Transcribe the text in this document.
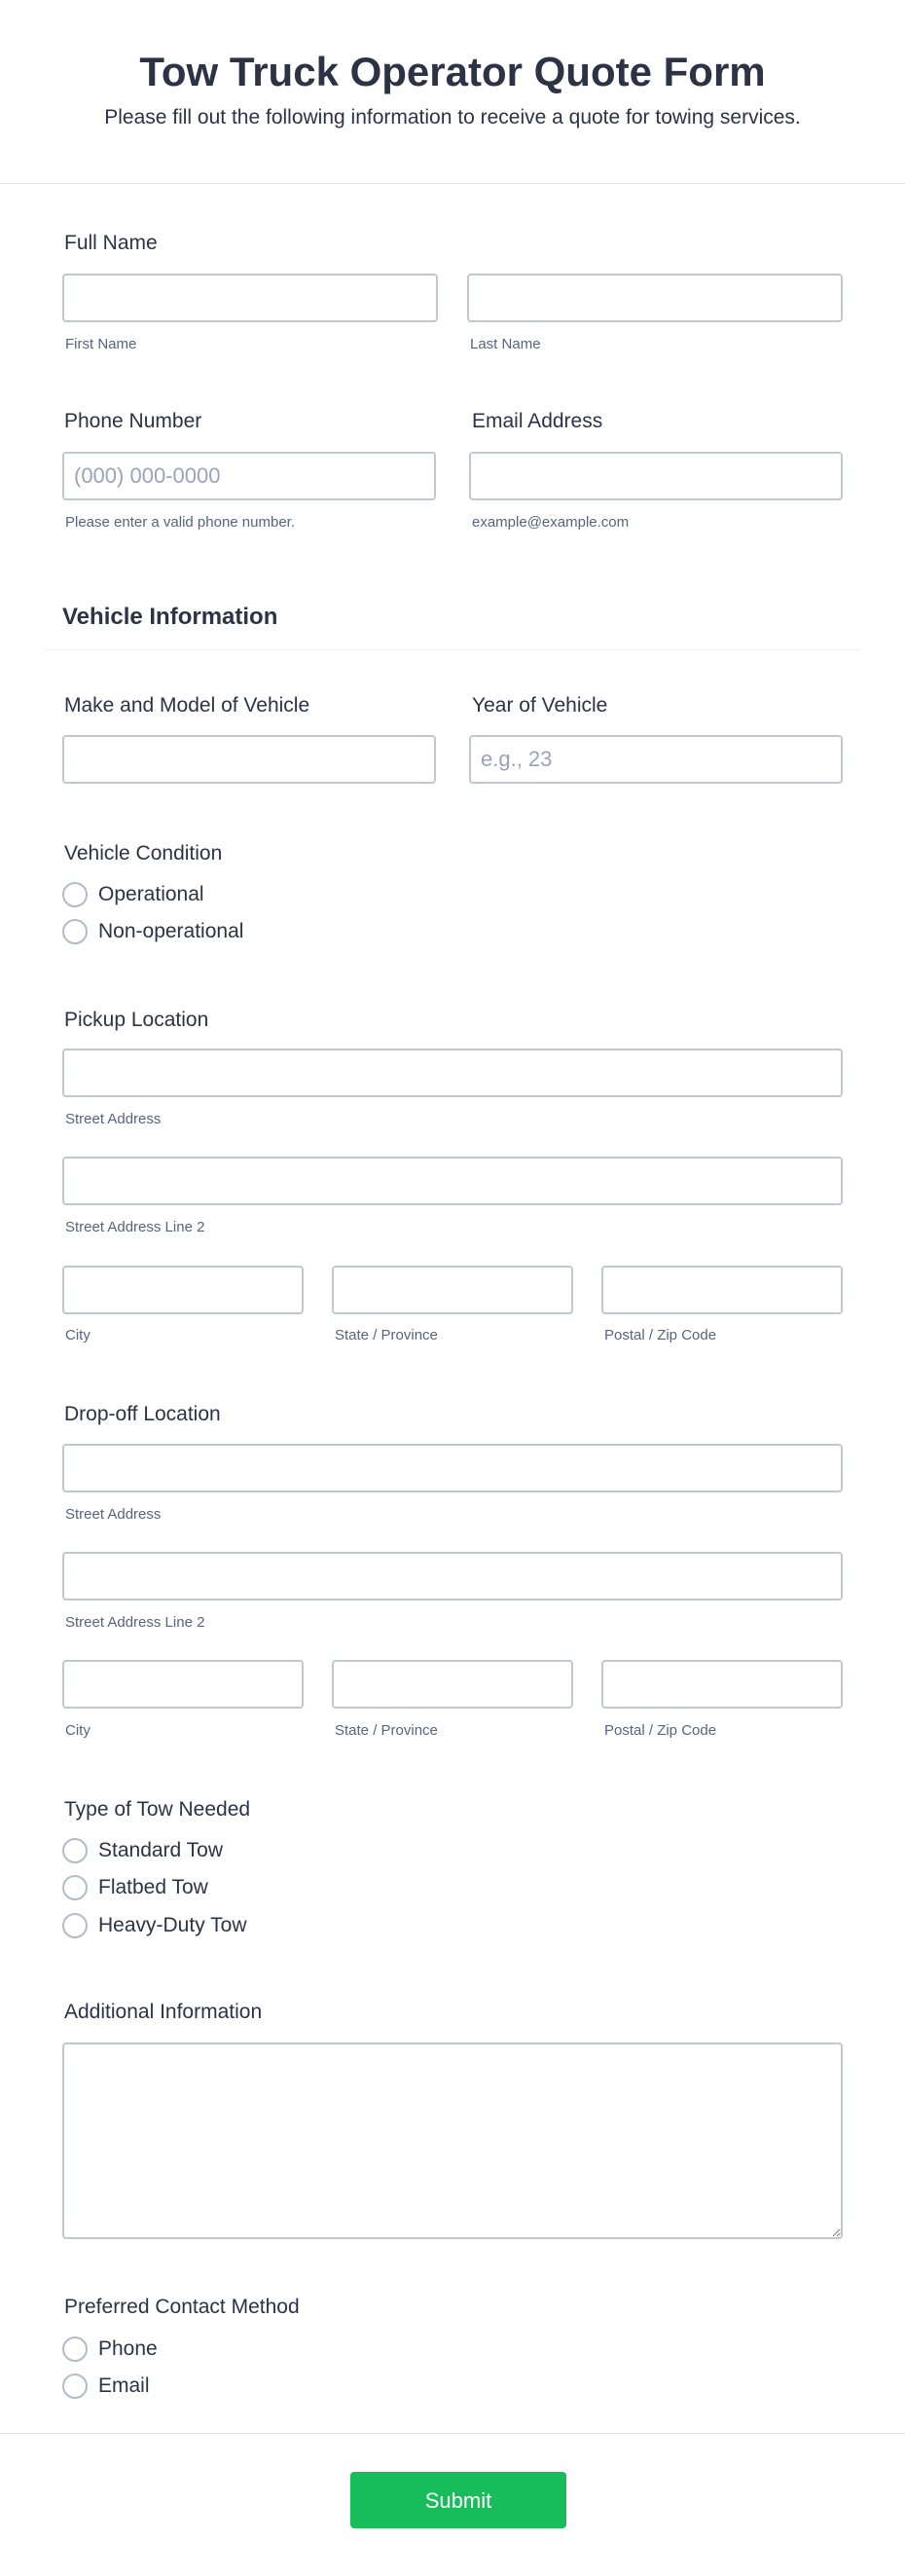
Tow Truck Operator Quote Form

Please fill out the following information to receive a quote for towing services.

Full Name
First Name	Last Name
Phone Number	Email Address
(000) 000-0000
Please enter a valid phone number.	example@example.com
Vehicle Information
Make and Model of Vehicle	Year of Vehicle
e.g., 23
Vehicle Condition
Operational
Non-operational
Pickup Location
Street Address
Street Address Line 2
City	State / Province	Postal / Zip Code
Drop-off Location
Street Address
Street Address Line 2
City	State / Province	Postal / Zip Code
Type of Tow Needed
Standard Tow
Flatbed Tow
Heavy-Duty Tow
Additional Information
Preferred Contact Method
Phone
Email
Submit
